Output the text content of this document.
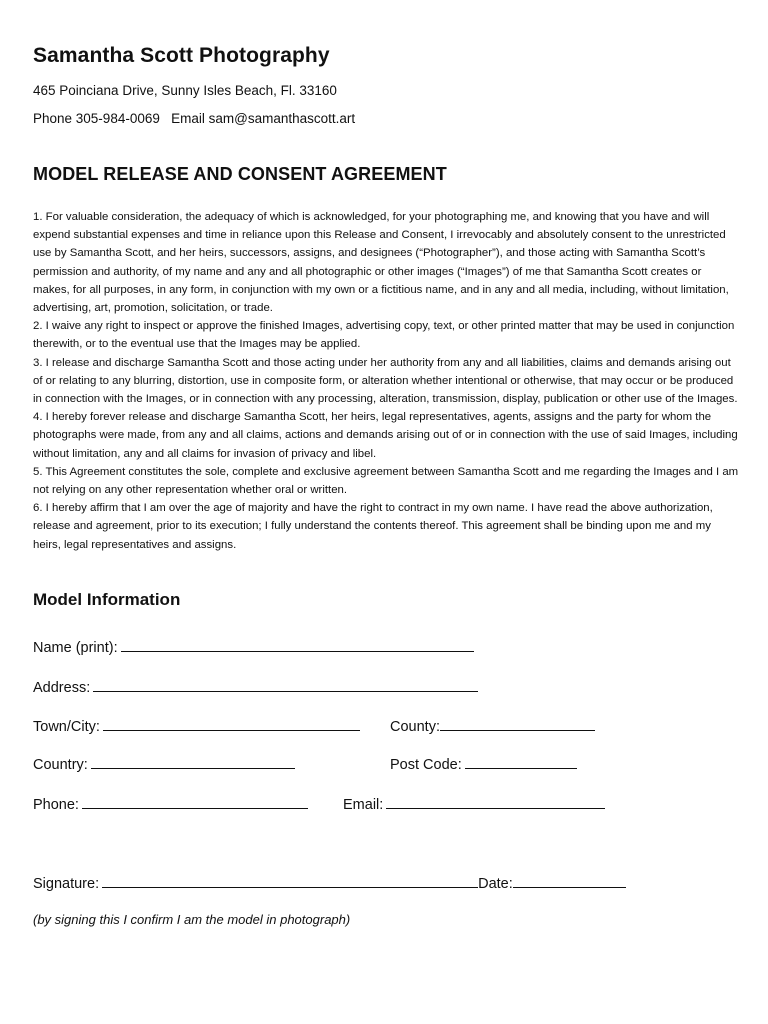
Samantha Scott Photography
465 Poinciana Drive, Sunny Isles Beach, Fl. 33160
Phone 305-984-0069 Email sam@samanthascott.art
MODEL RELEASE AND CONSENT AGREEMENT

1. For valuable consideration, the adequacy of which is acknowledged, for your photographing me, and knowing that you have and will expend substantial expenses and time in reliance upon this Release and Consent, I irrevocably and absolutely consent to the unrestricted use by Samantha Scott, and her heirs, successors, assigns, and designees (“Photographer”), and those acting with Samantha Scott’s permission and authority, of my name and any and all photographic or other images (“Images”) of me that Samantha Scott creates or makes, for all purposes, in any form, in conjunction with my own or a fictitious name, and in any and all media, including, without limitation, advertising, art, promotion, solicitation, or trade.

2. I waive any right to inspect or approve the finished Images, advertising copy, text, or other printed matter that may be used in conjunction therewith, or to the eventual use that the Images may be applied.

3. I release and discharge Samantha Scott and those acting under her authority from any and all liabilities, claims and demands arising out of or relating to any blurring, distortion, use in composite form, or alteration whether intentional or otherwise, that may occur or be produced in connection with the Images, or in connection with any processing, alteration, transmission, display, publication or other use of the Images.

4. I hereby forever release and discharge Samantha Scott, her heirs, legal representatives, agents, assigns and the party for whom the photographs were made, from any and all claims, actions and demands arising out of or in connection with the use of said Images, including without limitation, any and all claims for invasion of privacy and libel.

5. This Agreement constitutes the sole, complete and exclusive agreement between Samantha Scott and me regarding the Images and I am not relying on any other representation whether oral or written.

6. I hereby affirm that I am over the age of majority and have the right to contract in my own name. I have read the above authorization, release and agreement, prior to its execution; I fully understand the contents thereof. This agreement shall be binding upon me and my heirs, legal representatives and assigns.

Model Information
Name (print):
Address:
Town/City:	County:
Country:	Post Code:
Phone:	Email:
Signature:	Date:
(by signing this I confirm I am the model in photograph)
